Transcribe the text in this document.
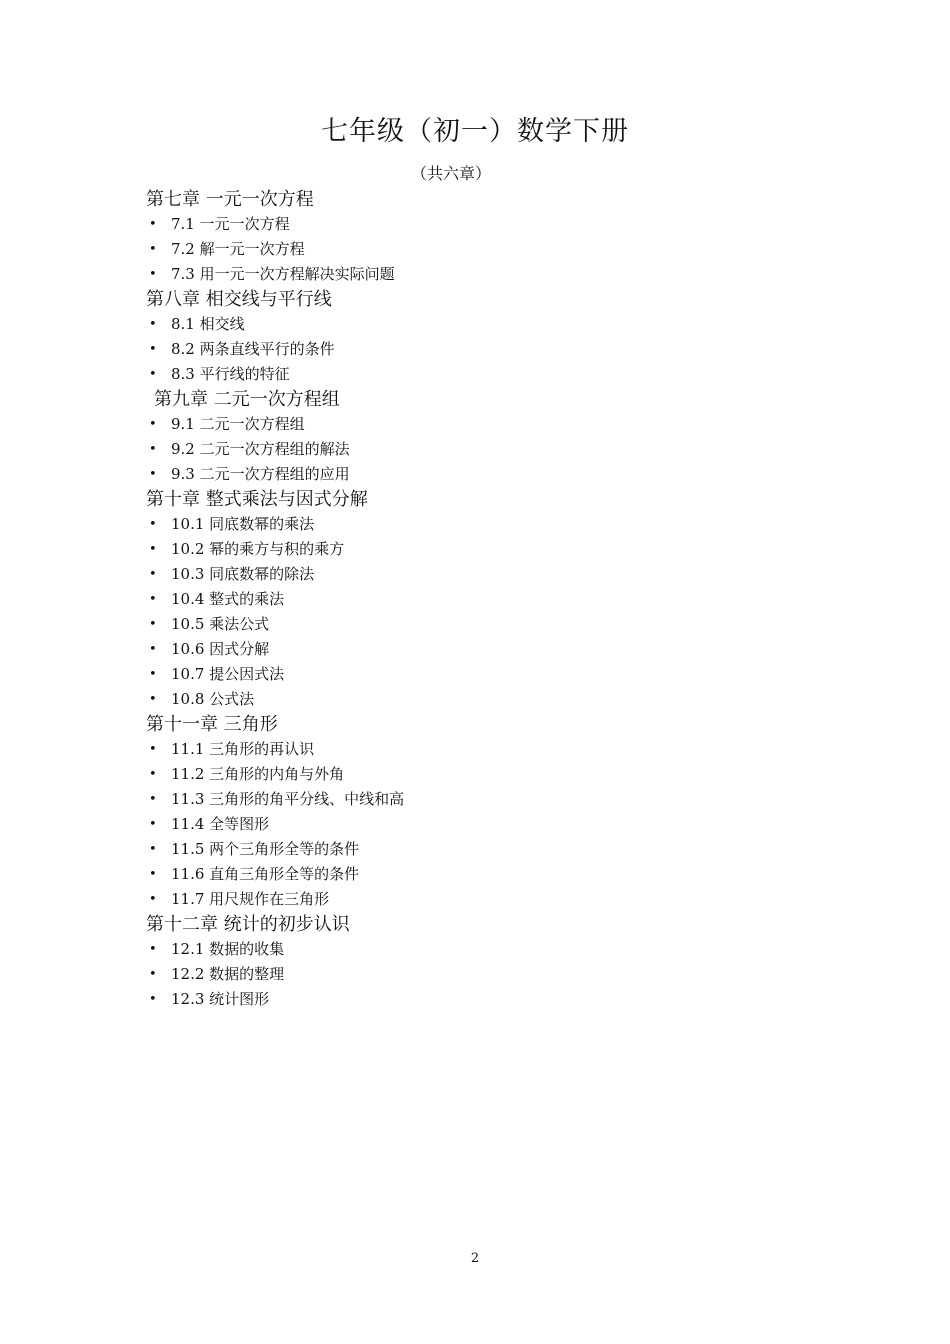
七年级（初一）数学下册
（共六章）
第七章 一元一次方程
• 7.1 一元一次方程
• 7.2 解一元一次方程
• 7.3 用一元一次方程解决实际问题
第八章 相交线与平行线
• 8.1 相交线
• 8.2 两条直线平行的条件
• 8.3 平行线的特征
第九章 二元一次方程组
• 9.1 二元一次方程组
• 9.2 二元一次方程组的解法
• 9.3 二元一次方程组的应用
第十章 整式乘法与因式分解
• 10.1 同底数幂的乘法
• 10.2 幂的乘方与积的乘方
• 10.3 同底数幂的除法
• 10.4 整式的乘法
• 10.5 乘法公式
• 10.6 因式分解
• 10.7 提公因式法
• 10.8 公式法
第十一章 三角形
• 11.1 三角形的再认识
• 11.2 三角形的内角与外角
• 11.3 三角形的角平分线、中线和高
• 11.4 全等图形
• 11.5 两个三角形全等的条件
• 11.6 直角三角形全等的条件
• 11.7 用尺规作在三角形
第十二章 统计的初步认识
• 12.1 数据的收集
• 12.2 数据的整理
• 12.3 统计图形
2
